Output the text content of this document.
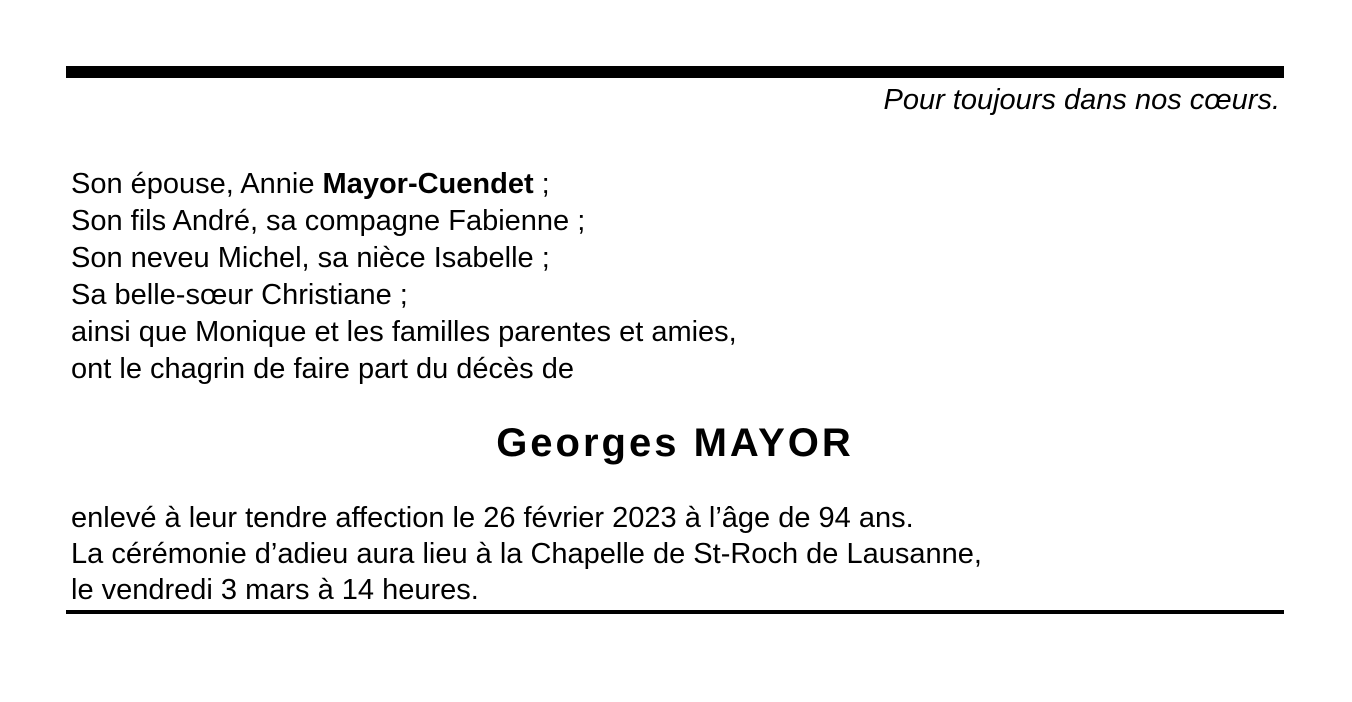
Pour toujours dans nos cœurs.
Son épouse, Annie Mayor-Cuendet ;
Son fils André, sa compagne Fabienne ;
Son neveu Michel, sa nièce Isabelle ;
Sa belle-sœur Christiane ;
ainsi que Monique et les familles parentes et amies,
ont le chagrin de faire part du décès de
Georges MAYOR
enlevé à leur tendre affection le 26 février 2023 à l’âge de 94 ans.
La cérémonie d’adieu aura lieu à la Chapelle de St-Roch de Lausanne,
le vendredi 3 mars à 14 heures.
